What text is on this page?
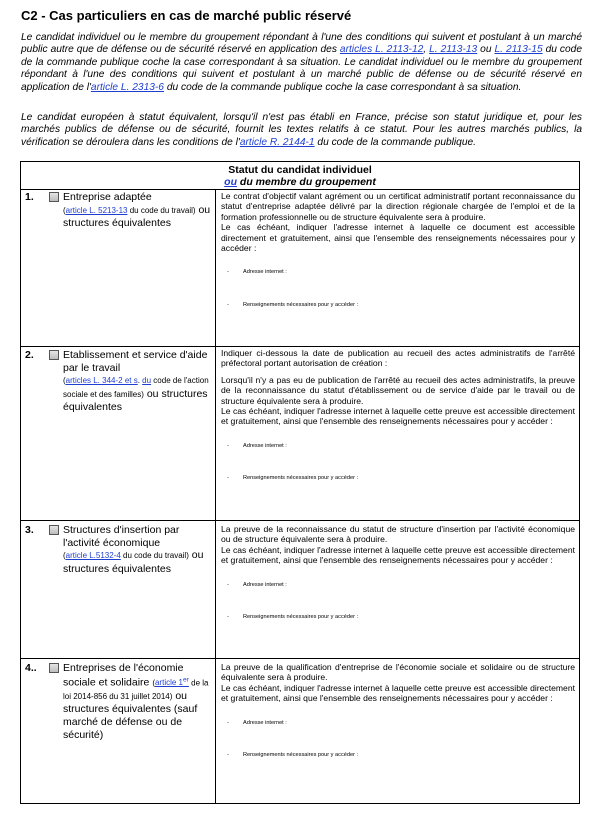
C2 - Cas particuliers en cas de marché public réservé
Le candidat individuel ou le membre du groupement répondant à l'une des conditions qui suivent et postulant à un marché public autre que de défense ou de sécurité réservé en application des articles L. 2113-12, L. 2113-13 ou L. 2113-15 du code de la commande publique coche la case correspondant à sa situation. Le candidat individuel ou le membre du groupement répondant à l'une des conditions qui suivent et postulant à un marché public de défense ou de sécurité réservé en application de l'article L. 2313-6 du code de la commande publique coche la case correspondant à sa situation.
Le candidat européen à statut équivalent, lorsqu'il n'est pas établi en France, précise son statut juridique et, pour les marchés publics de défense ou de sécurité, fournit les textes relatifs à ce statut. Pour les autres marchés publics, la vérification se déroulera dans les conditions de l'article R. 2144-1 du code de la commande publique.
Statut du candidat individuel
ou du membre du groupement
1.	Entreprise adaptée
(article L. 5213-13 du code du travail) ou structures équivalentes

Le contrat d'objectif valant agrément ou un certificat administratif portant reconnaissance du statut d'entreprise adaptée délivré par la direction régionale chargée de l'emploi et de la formation professionnelle ou de structure équivalente sera à produire.

Le cas échéant, indiquer l'adresse internet à laquelle ce document est accessible directement et gratuitement, ainsi que l'ensemble des renseignements nécessaires pour y accéder :

-	Adresse internet :
-	Renseignements nécessaires pour y accéder :
2.	Etablissement et service d'aide par le travail
(articles L. 344-2 et s. du code de l'action sociale et des familles) ou structures équivalentes

Indiquer ci-dessous la date de publication au recueil des actes administratifs de l'arrêté préfectoral portant autorisation de création :

Lorsqu'il n'y a pas eu de publication de l'arrêté au recueil des actes administratifs, la preuve de la reconnaissance du statut d'établissement ou de service d'aide par le travail ou de structure équivalente sera à produire.

Le cas échéant, indiquer l'adresse internet à laquelle cette preuve est accessible directement et gratuitement, ainsi que l'ensemble des renseignements nécessaires pour y accéder :

-	Adresse internet :
-	Renseignements nécessaires pour y accéder :
3.	Structures d'insertion par l'activité économique
(article L.5132-4 du code du travail) ou structures équivalentes

La preuve de la reconnaissance du statut de structure d'insertion par l'activité économique ou de structure équivalente sera à produire.

Le cas échéant, indiquer l'adresse internet à laquelle cette preuve est accessible directement et gratuitement, ainsi que l'ensemble des renseignements nécessaires pour y accéder :

-	Adresse internet :
-	Renseignements nécessaires pour y accéder :
4..	Entreprises de l'économie sociale et solidaire (article 1er de la loi 2014-856 du 31 juillet 2014) ou structures équivalentes (sauf marché de défense ou de sécurité)

La preuve de la qualification d'entreprise de l'économie sociale et solidaire ou de structure équivalente sera à produire.

Le cas échéant, indiquer l'adresse internet à laquelle cette preuve est accessible directement et gratuitement, ainsi que l'ensemble des renseignements nécessaires pour y accéder :

-	Adresse internet :
-	Renseignements nécessaires pour y accéder :
